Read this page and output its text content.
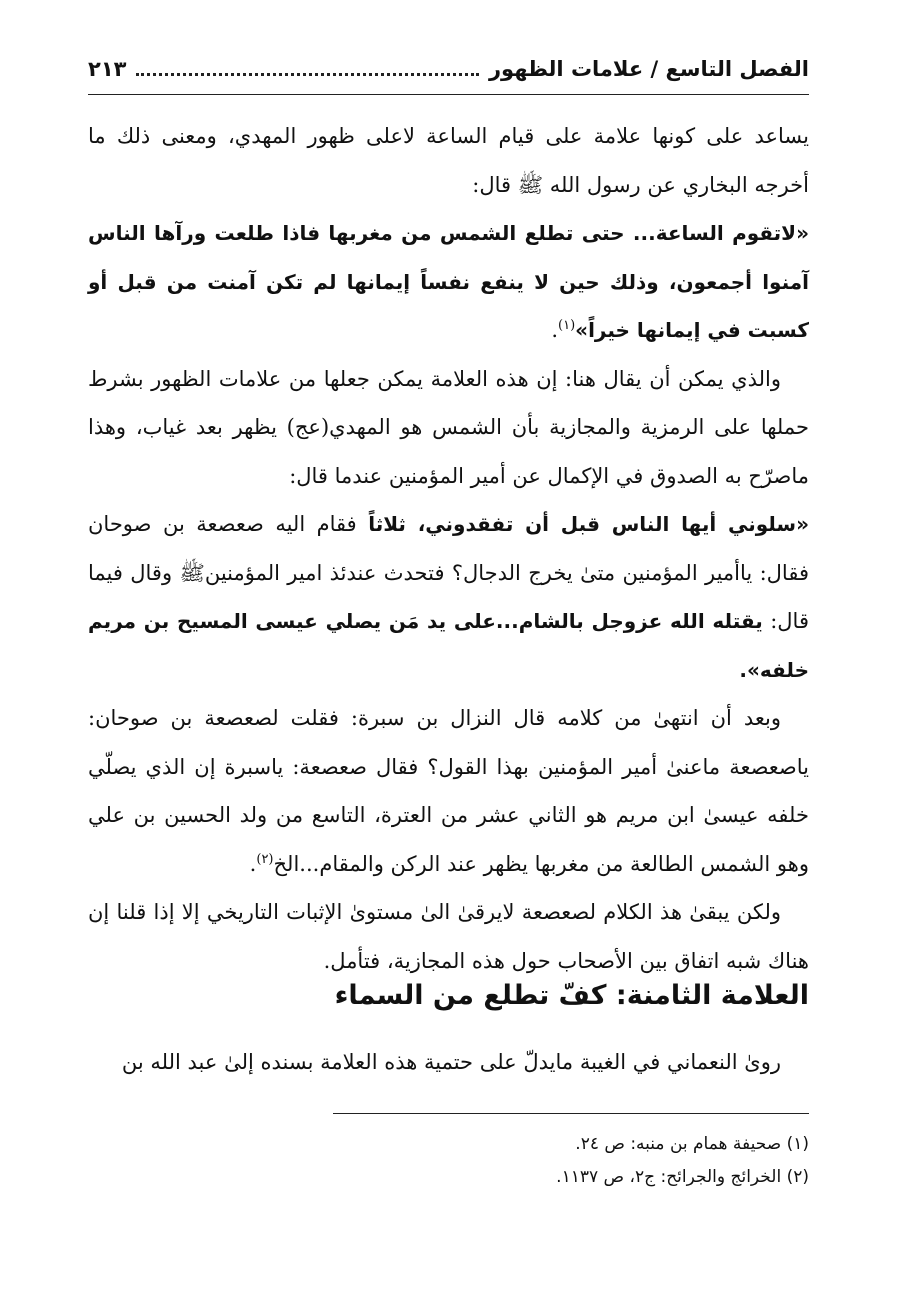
الفصل التاسع / علامات الظهور
٢١٣

يساعد على كونها علامة على قيام الساعة لاعلى ظهور المهدي، ومعنى ذلك ما أخرجه البخاري عن رسول الله ﷺ قال:

«لاتقوم الساعة... حتى تطلع الشمس من مغربها فاذا طلعت ورآها الناس آمنوا أجمعون، وذلك حين لا ينفع نفساً إيمانها لم تكن آمنت من قبل أو كسبت في إيمانها خيراً»$^{(١)}$.

والذي يمكن أن يقال هنا: إن هذه العلامة يمكن جعلها من علامات الظهور بشرط حملها على الرمزية والمجازية بأن الشمس هو المهدي(عج) يظهر بعد غياب، وهذا ماصرّح به الصدوق في الإكمال عن أمير المؤمنين عندما قال:

«سلوني أيها الناس قبل أن تفقدوني، ثلاثاً فقام اليه صعصعة بن صوحان فقال: ياأمير المؤمنين متىٰ يخرج الدجال؟ فتحدث عندئذ امير المؤمنينﷺ وقال فيما قال: يقتله الله عزوجل بالشام...على يد مَن يصلي عيسى المسيح بن مريم خلفه».

وبعد أن انتهىٰ من كلامه قال النزال بن سبرة: فقلت لصعصعة بن صوحان: ياصعصعة ماعنىٰ أمير المؤمنين بهذا القول؟ فقال صعصعة: ياسبرة إن الذي يصلّي خلفه عيسىٰ ابن مريم هو الثاني عشر من العترة، التاسع من ولد الحسين بن علي وهو الشمس الطالعة من مغربها يظهر عند الركن والمقام...الخ$^{(٢)}$.

ولكن يبقىٰ هذ الكلام لصعصعة لايرقىٰ الىٰ مستوىٰ الإثبات التاريخي إلا إذا قلنا إن هناك شبه اتفاق بين الأصحاب حول هذه المجازية، فتأمل.

العلامة الثامنة: كفّ تطلع من السماء
روىٰ النعماني في الغيبة مايدلّ على حتمية هذه العلامة بسنده إلىٰ عبد الله بن
(١) صحيفة همام بن منبه: ص ٢٤.
(٢) الخرائج والجرائح: ج٢، ص ١١٣٧.
